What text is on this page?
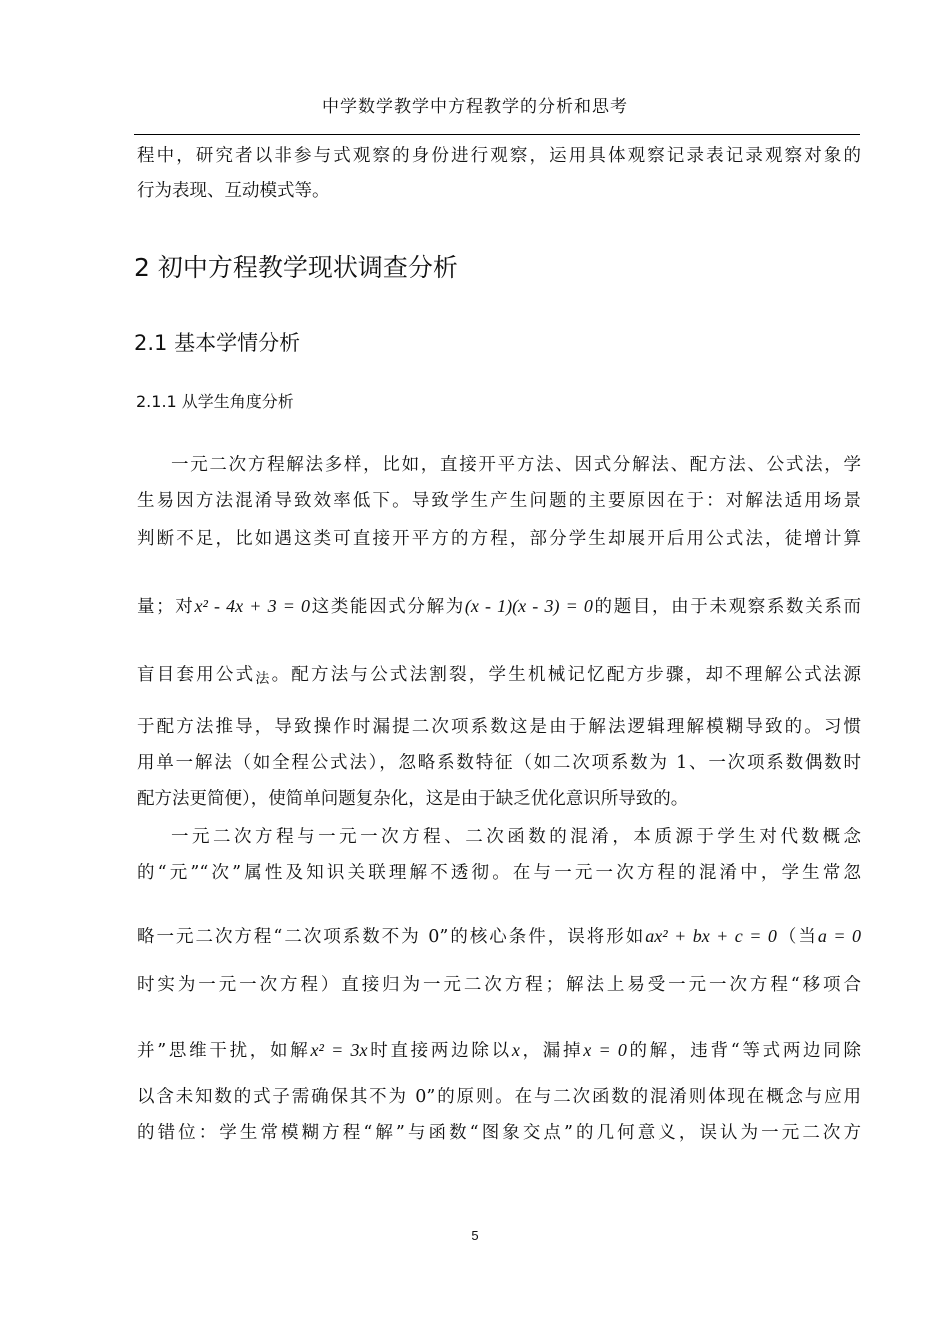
中学数学教学中方程教学的分析和思考
程中，研究者以非参与式观察的身份进行观察，运用具体观察记录表记录观察对象的
行为表现、互动模式等。
2 初中方程教学现状调查分析
2.1 基本学情分析
2.1.1 从学生角度分析
一元二次方程解法多样，比如，直接开平方法、因式分解法、配方法、公式法，学
生易因方法混淆导致效率低下。导致学生产生问题的主要原因在于：对解法适用场景
判断不足，比如遇这类可直接开平方的方程，部分学生却展开后用公式法，徒增计算
量；对x² - 4x + 3 = 0这类能因式分解为(x - 1)(x - 3) = 0的题目，由于未观察系数关系而
盲目套用公式法。配方法与公式法割裂，学生机械记忆配方步骤，却不理解公式法源
于配方法推导，导致操作时漏提二次项系数这是由于解法逻辑理解模糊导致的。习惯
用单一解法（如全程公式法），忽略系数特征（如二次项系数为 1、一次项系数偶数时
配方法更简便），使简单问题复杂化，这是由于缺乏优化意识所导致的。
一元二次方程与一元一次方程、二次函数的混淆，本质源于学生对代数概念
的“元”“次”属性及知识关联理解不透彻。在与一元一次方程的混淆中，学生常忽
略一元二次方程“二次项系数不为 0”的核心条件，误将形如ax² + bx + c = 0（当a = 0
时实为一元一次方程）直接归为一元二次方程；解法上易受一元一次方程“移项合
并”思维干扰，如解x² = 3x时直接两边除以x，漏掉x = 0的解，违背“等式两边同除
以含未知数的式子需确保其不为 0”的原则。在与二次函数的混淆则体现在概念与应用
的错位：学生常模糊方程“解”与函数“图象交点”的几何意义，误认为一元二次方
5
